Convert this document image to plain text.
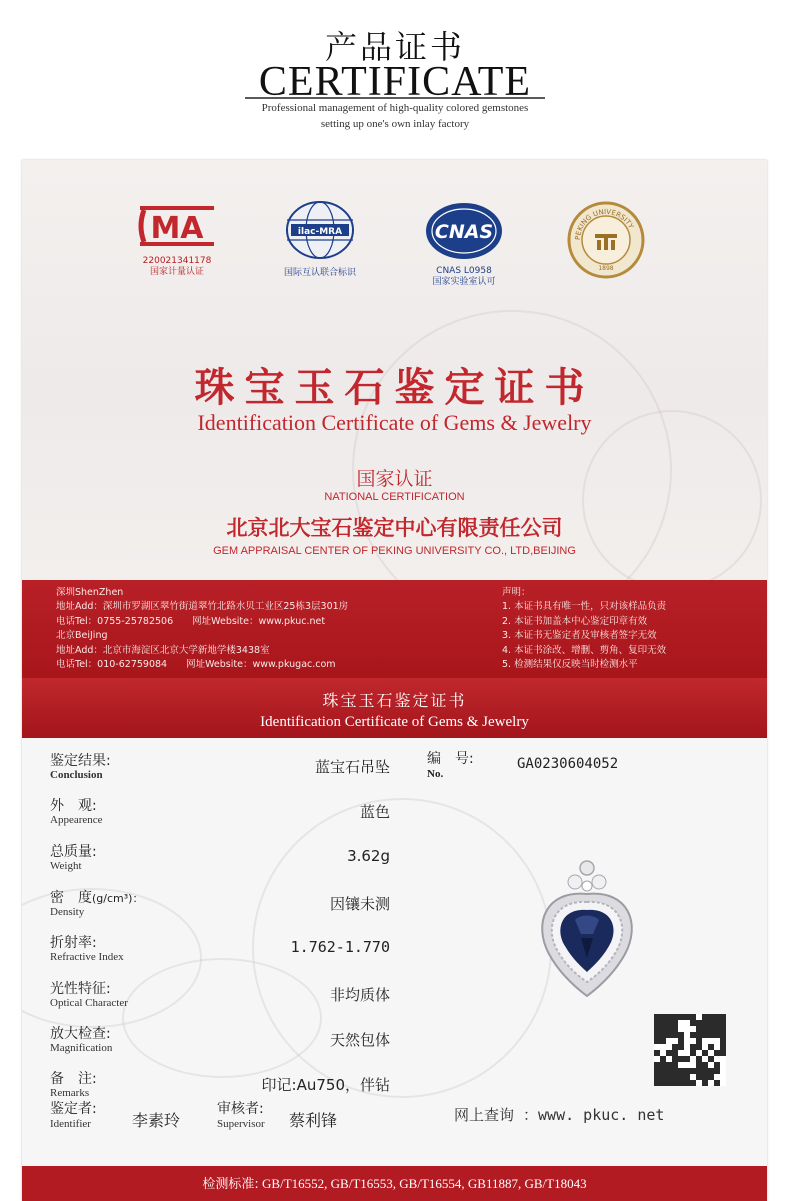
产品证书
CERTIFICATE
Professional management of high-quality colored gemstones
setting up one's own inlay factory
MA
220021341178
国家计量认证
ilac-MRA
国际互认联合标识
CNAS
CNAS L0958
国家实验室认可
PEKING UNIVERSITY
1898
珠宝玉石鉴定证书
Identification Certificate of Gems & Jewelry
国家认证
NATIONAL CERTIFICATION
北京北大宝石鉴定中心有限责任公司
GEM APPRAISAL CENTER OF PEKING UNIVERSITY CO., LTD,BEIJING
深圳ShenZhen
地址Add：深圳市罗湖区翠竹街道翠竹北路水贝工业区25栋3层301房
电话Tel：0755-25782506　　网址Website：www.pkuc.net
北京BeiJing
地址Add：北京市海淀区北京大学新地学楼3438室
电话Tel：010-62759084　　网址Website：www.pkugac.com
声明：
1. 本证书具有唯一性，只对该样品负责
2. 本证书加盖本中心鉴定印章有效
3. 本证书无鉴定者及审核者签字无效
4. 本证书涂改、增删、剪角、复印无效
5. 检测结果仅反映当时检测水平
珠宝玉石鉴定证书
Identification Certificate of Gems & Jewelry
鉴定结果:
Conclusion	蓝宝石吊坠
外　观:
Appearence	蓝色
总质量:
Weight
3.62g
密　度(g/cm³)：
Density	因镶未测
折射率:
Refractive Index
1.762-1.770
光性特征:
Optical Character	非均质体
放大检查:
Magnification	天然包体
备　注:
Remarks	印记:Au750，伴钻
编　号:
No.
GA0230604052
鉴定者:
Identifier	李素玲
审核者:
Supervisor 蔡利锋	网上查询 ：www. pkuc. net
检测标准: GB/T16552, GB/T16553, GB/T16554, GB11887, GB/T18043
